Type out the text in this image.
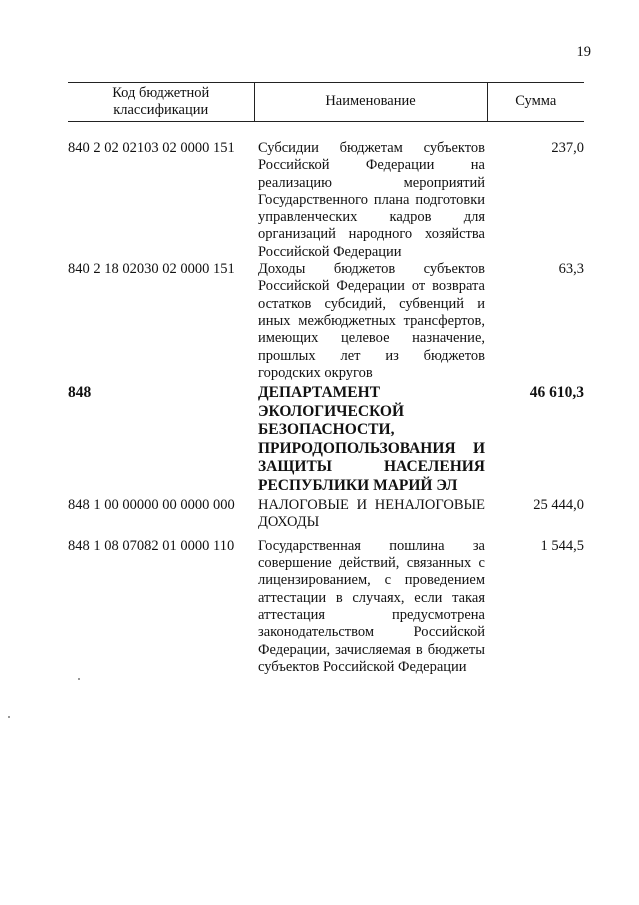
19
Код бюджетной классификации	Наименование	Сумма
840 2 02 02103 02 0000 151	Субсидии бюджетам субъектов Российской Федерации на реализацию мероприятий Государственного плана подготовки управленческих кадров для организаций народного хозяйства Российской Федерации	237,0
840 2 18 02030 02 0000 151	Доходы бюджетов субъектов Российской Федерации от возврата остатков субсидий, субвенций и иных межбюджетных трансфертов, имеющих целевое назначение, прошлых лет из бюджетов городских округов	63,3
848	ДЕПАРТАМЕНТ ЭКОЛОГИЧЕСКОЙ БЕЗОПАСНОСТИ, ПРИРОДОПОЛЬЗОВАНИЯ И ЗАЩИТЫ НАСЕЛЕНИЯ РЕСПУБЛИКИ МАРИЙ ЭЛ	46 610,3
848 1 00 00000 00 0000 000	НАЛОГОВЫЕ И НЕНАЛОГОВЫЕ ДОХОДЫ	25 444,0
848 1 08 07082 01 0000 110	Государственная пошлина за совершение действий, связанных с лицензированием, с проведением аттестации в случаях, если такая аттестация предусмотрена законодательством Российской Федерации, зачисляемая в бюджеты субъектов Российской Федерации	1 544,5
